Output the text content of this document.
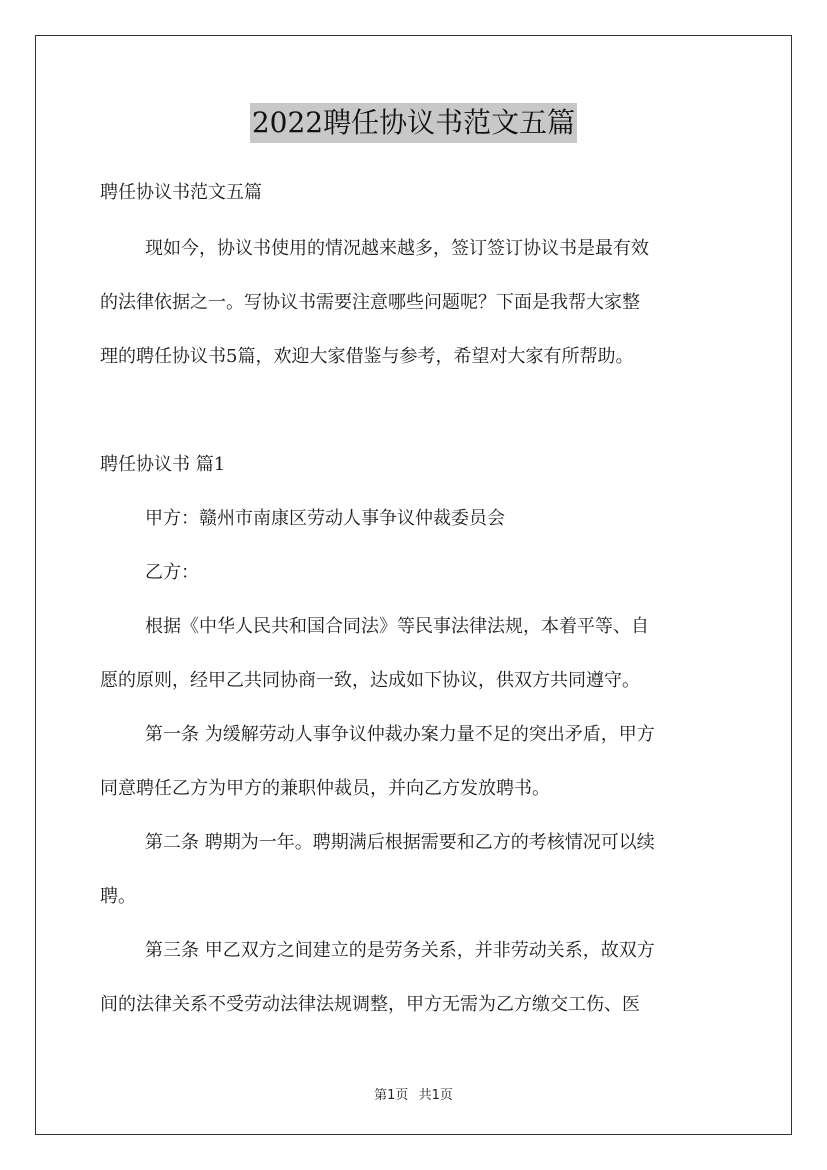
2022聘任协议书范文五篇
聘任协议书范文五篇
现如今，协议书使用的情况越来越多，签订签订协议书是最有效
的法律依据之一。写协议书需要注意哪些问题呢？下面是我帮大家整
理的聘任协议书5篇，欢迎大家借鉴与参考，希望对大家有所帮助。
聘任协议书 篇1
甲方：赣州市南康区劳动人事争议仲裁委员会
乙方：
根据《中华人民共和国合同法》等民事法律法规，本着平等、自
愿的原则，经甲乙共同协商一致，达成如下协议，供双方共同遵守。
第一条 为缓解劳动人事争议仲裁办案力量不足的突出矛盾，甲方
同意聘任乙方为甲方的兼职仲裁员，并向乙方发放聘书。
第二条 聘期为一年。聘期满后根据需要和乙方的考核情况可以续
聘。
第三条 甲乙双方之间建立的是劳务关系，并非劳动关系，故双方
间的法律关系不受劳动法律法规调整，甲方无需为乙方缴交工伤、医
第1页 共1页
